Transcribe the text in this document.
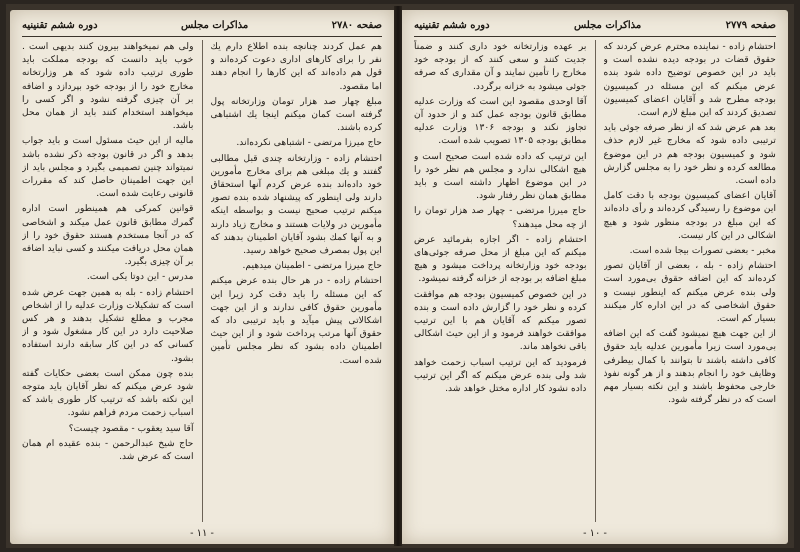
دوره ششم تقنینیه	مذاکرات مجلس	صفحه ۲۷۸۰

هم عمل کردند چنانچه بنده اطلاع دارم یك نفر را برای کارهای اداری دعوت کرده‌اند و قول هم داده‌اند که این کارها را انجام دهند اما مقصود.

مبلغ چهار صد هزار تومان وزارتخانه پول گرفته است کمان میکنم اینجا یك اشتباهی کرده باشند.

حاج میرزا مرتضی - اشتباهی نکرده‌اند.

احتشام زاده - وزارتخانه چندی قبل مطالبی گفتند و یك مبلغی هم برای مخارج مأمورین خود داده‌اند بنده عرض کردم آنها استحقاق دارند ولی اینطور که پیشنهاد شده بنده تصور میکنم ترتیب صحیح نیست و بواسطه اینکه مأمورین در ولایات هستند و مخارج زیاد دارند و به آنها کمك بشود آقایان اطمینان بدهند که این پول بمصرف صحیح خواهد رسید.

حاج میرزا مرتضی - اطمینان میدهیم.

احتشام زاده - در هر حال بنده عرض میکنم که این مسئله را باید دقت کرد زیرا این مأمورین حقوق کافی ندارند و از این جهت اشکالاتی پیش میآید و باید ترتیبی داد که حقوق آنها مرتب پرداخت شود و از این حیث اطمینان داده بشود که نظر مجلس تأمین شده است.

ولی هم نمیخواهند بیرون کنند بدیهی است . خوب باید دانست که بودجه مملکت باید طوری ترتیب داده شود که هر وزارتخانه مخارج خود را از بودجه خود بپردازد و اضافه بر آن چیزی گرفته نشود و اگر کسی را میخواهند استخدام کنند باید از همان محل باشد.

مالیه از این حیث مسئول است و باید جواب بدهد و اگر در قانون بودجه ذکر نشده باشد نمیتواند چنین تصمیمی بگیرد و مجلس باید از این جهت اطمینان حاصل کند که مقررات قانونی رعایت شده است.

قوانین کمرکی هم همینطور است اداره گمرك مطابق قانون عمل میکند و اشخاصی که در آنجا مستخدم هستند حقوق خود را از همان محل دریافت میکنند و کسی نباید اضافه بر آن چیزی بگیرد.

مدرس - این دوتا یکی است.

احتشام زاده - بله به همین جهت عرض شده است که تشکیلات وزارت عدلیه را از اشخاص مجرب و مطلع تشکیل بدهند و هر کس صلاحیت دارد در این کار مشغول شود و از کسانی که در این کار سابقه دارند استفاده بشود.

بنده چون ممکن است بعضی حکایات گفته شود عرض میکنم که نظر آقایان باید متوجه این نکته باشد که ترتیب کار طوری باشد که اسباب زحمت مردم فراهم نشود.

آقا سید یعقوب - مقصود چیست؟

حاج شیخ عبدالرحمن - بنده عقیده ام همان است که عرض شد.

- ۱۱ -
دوره ششم تقنینیه	مذاکرات مجلس	صفحه ۲۷۷۹

احتشام زاده - نماینده محترم عرض کردند که حقوق قضات در بودجه دیده نشده است و باید در این خصوص توضیح داده شود بنده عرض میکنم که این مسئله در کمیسیون بودجه مطرح شد و آقایان اعضای کمیسیون تصدیق کردند که این مبلغ لازم است.

بعد هم عرض شد که از نظر صرفه جوئی باید ترتیبی داده شود که مخارج غیر لازم حذف شود و کمیسیون بودجه هم در این موضوع مطالعه کرده و نظر خود را به مجلس گزارش داده است.

آقایان اعضای کمیسیون بودجه با دقت کامل این موضوع را رسیدگی کرده‌اند و رأی داده‌اند که این مبلغ در بودجه منظور شود و هیچ اشکالی در این کار نیست.

مخبر - بعضی تصورات بیجا شده است.

احتشام زاده - بله ، بعضی از آقایان تصور کرده‌اند که این اضافه حقوق بی‌مورد است ولی بنده عرض میکنم که اینطور نیست و حقوق اشخاصی که در این اداره کار میکنند بسیار کم است.

از این جهت هیچ نمیشود گفت که این اضافه بی‌مورد است زیرا مأمورین عدلیه باید حقوق کافی داشته باشند تا بتوانند با کمال بیطرفی وظایف خود را انجام بدهند و از هر گونه نفوذ خارجی محفوظ باشند و این نکته بسیار مهم است که در نظر گرفته شود.

بر عهده وزارتخانه خود داری کنند و ضمناً جدیت کنند و سعی کنند که از بودجه خود مخارج را تأمین نمایند و آن مقداری که صرفه جوئی میشود به خزانه برگردد.

آقا اوحدی مقصود این است که وزارت عدلیه مطابق قانون بودجه عمل کند و از حدود آن تجاوز نکند و بودجه ۱۳۰۶ وزارت عدلیه مطابق بودجه ۱۳۰۵ تصویب شده است.

این ترتیب که داده شده است صحیح است و هیچ اشکالی ندارد و مجلس هم نظر خود را در این موضوع اظهار داشته است و باید مطابق همان نظر رفتار شود.

حاج میرزا مرتضی - چهار صد هزار تومان را از چه محل میدهند؟

احتشام زاده - اگر اجازه بفرمائید عرض میکنم که این مبلغ از محل صرفه جوئی‌های بودجه خود وزارتخانه پرداخت میشود و هیچ مبلغ اضافه بر بودجه از خزانه گرفته نمیشود.

در این خصوص کمیسیون بودجه هم موافقت کرده و نظر خود را گزارش داده است و بنده تصور میکنم که آقایان هم با این ترتیب موافقت خواهند فرمود و از این حیث اشکالی باقی نخواهد ماند.

فرمودید که این ترتیب اسباب زحمت خواهد شد ولی بنده عرض میکنم که اگر این ترتیب داده نشود کار اداره مختل خواهد شد.

- ۱۰ -
